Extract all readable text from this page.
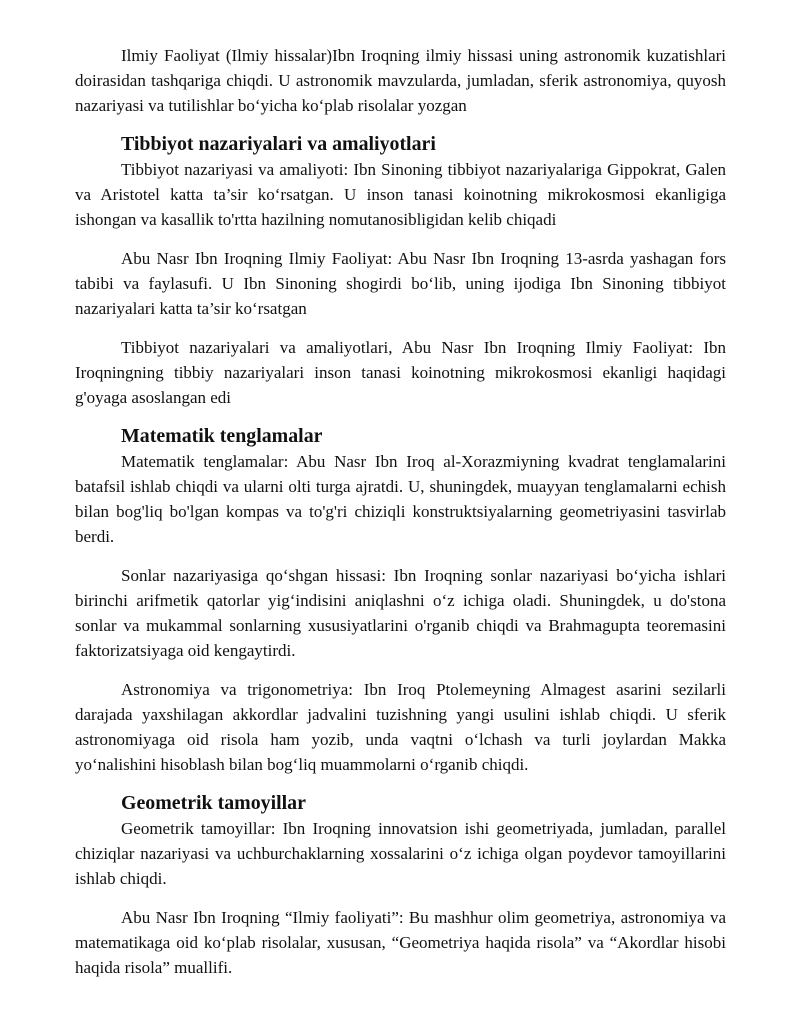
Ilmiy Faoliyat (Ilmiy hissalar)Ibn Iroqning ilmiy hissasi uning astronomik kuzatishlari doirasidan tashqariga chiqdi. U astronomik mavzularda, jumladan, sferik astronomiya, quyosh nazariyasi va tutilishlar bo‘yicha ko‘plab risolalar yozgan

Tibbiyot nazariyalari va amaliyotlari

Tibbiyot nazariyasi va amaliyoti: Ibn Sinoning tibbiyot nazariyalariga Gippokrat, Galen va Aristotel katta ta’sir ko‘rsatgan. U inson tanasi koinotning mikrokosmosi ekanligiga ishongan va kasallik to'rtta hazilning nomutanosibligidan kelib chiqadi

Abu Nasr Ibn Iroqning Ilmiy Faoliyat: Abu Nasr Ibn Iroqning 13-asrda yashagan fors tabibi va faylasufi. U Ibn Sinoning shogirdi bo‘lib, uning ijodiga Ibn Sinoning tibbiyot nazariyalari katta ta’sir ko‘rsatgan

Tibbiyot nazariyalari va amaliyotlari, Abu Nasr Ibn Iroqning Ilmiy Faoliyat: Ibn Iroqningning tibbiy nazariyalari inson tanasi koinotning mikrokosmosi ekanligi haqidagi g'oyaga asoslangan edi

Matematik tenglamalar

Matematik tenglamalar: Abu Nasr Ibn Iroq al-Xorazmiyning kvadrat tenglamalarini batafsil ishlab chiqdi va ularni olti turga ajratdi. U, shuningdek, muayyan tenglamalarni echish bilan bog'liq bo'lgan kompas va to'g'ri chiziqli konstruktsiyalarning geometriyasini tasvirlab berdi.

Sonlar nazariyasiga qo‘shgan hissasi: Ibn Iroqning sonlar nazariyasi bo‘yicha ishlari birinchi arifmetik qatorlar yig‘indisini aniqlashni o‘z ichiga oladi. Shuningdek, u do'stona sonlar va mukammal sonlarning xususiyatlarini o'rganib chiqdi va Brahmagupta teoremasini faktorizatsiyaga oid kengaytirdi.

Astronomiya va trigonometriya: Ibn Iroq Ptolemeyning Almagest asarini sezilarli darajada yaxshilagan akkordlar jadvalini tuzishning yangi usulini ishlab chiqdi. U sferik astronomiyaga oid risola ham yozib, unda vaqtni o‘lchash va turli joylardan Makka yo‘nalishini hisoblash bilan bog‘liq muammolarni o‘rganib chiqdi.

Geometrik tamoyillar

Geometrik tamoyillar: Ibn Iroqning innovatsion ishi geometriyada, jumladan, parallel chiziqlar nazariyasi va uchburchaklarning xossalarini o‘z ichiga olgan poydevor tamoyillarini ishlab chiqdi.

Abu Nasr Ibn Iroqning “Ilmiy faoliyati”: Bu mashhur olim geometriya, astronomiya va matematikaga oid ko‘plab risolalar, xususan, “Geometriya haqida risola” va “Akordlar hisobi haqida risola” muallifi.
